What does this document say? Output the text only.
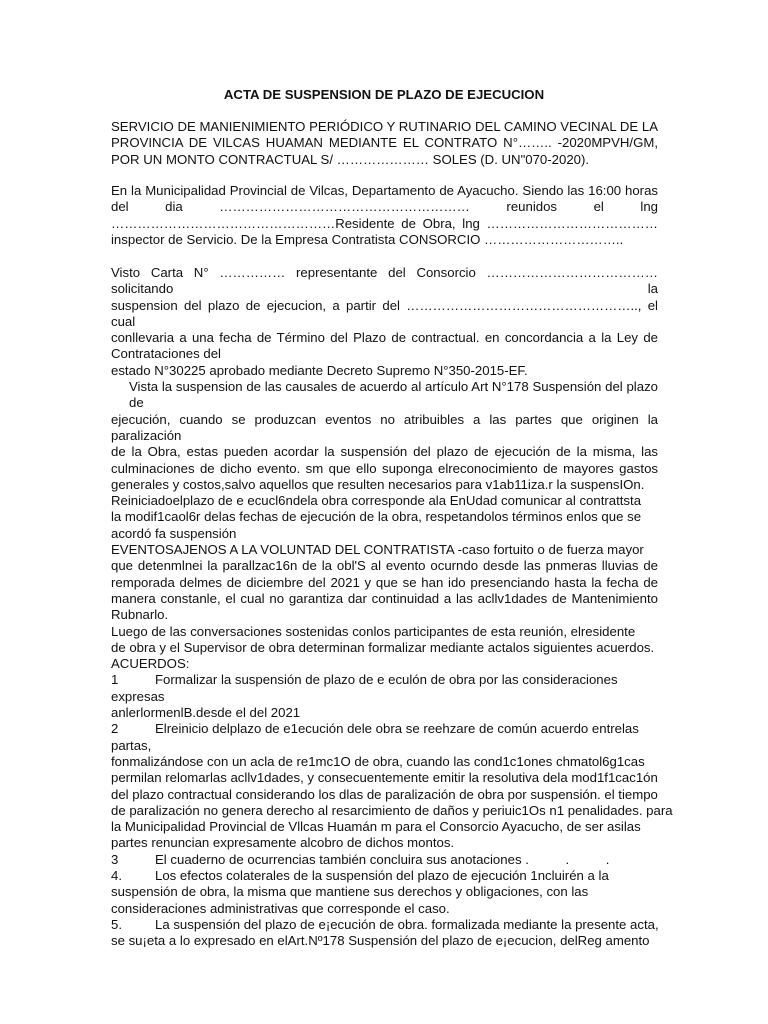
ACTA DE SUSPENSION DE PLAZO DE EJECUCION

SERVICIO DE MANIENIMIENTO PERIÓDICO Y RUTINARIO DEL CAMINO VECINAL DE LA PROVINCIA DE VILCAS HUAMAN MEDIANTE EL CONTRATO N°…….. -2020MPVH/GM, POR UN MONTO CONTRACTUAL S/ ………………… SOLES (D. UN"070-2020).

En la Municipalidad Provincial de Vilcas, Departamento de Ayacucho. Siendo las 16:00 horas del dia ………………………………………………… reunidos el lng ……………………………………………Residente de Obra, lng ………………………………… inspector de Servicio. De la Empresa Contratista CONSORCIO …………………………..

Visto Carta N° …………… representante del Consorcio …………………………………solicitando la
suspension del plazo de ejecucion, a partir del …………………………………………….., el cual
conllevaria a una fecha de Término del Plazo de contractual. en concordancia a la Ley de
Contrataciones del
estado N°30225 aprobado mediante Decreto Supremo N°350-2015-EF.
Vista la suspension de las causales de acuerdo al artículo Art N°178 Suspensión del plazo de
ejecución, cuando se produzcan eventos no atribuibles a las partes que originen la paralización
de la Obra, estas pueden acordar la suspensión del plazo de ejecución de la misma, las
culminaciones de dicho evento. sm que ello suponga elreconocimiento de mayores gastos
generales y costos,salvo aquellos que resulten necesarios para v1ab11iza.r la suspensIOn.
Reiniciadoelplazo de e ecucl6ndela obra corresponde ala EnUdad comunicar al contrattsta
la modif1caol6r delas fechas de ejecución de la obra, respetandolos términos enlos que se
acordó fa suspensión
EVENTOSAJENOS A LA VOLUNTAD DEL CONTRATISTA -caso fortuito o de fuerza mayor
que detenmlnei la parallzac16n de la obl'S al evento ocurndo desde las pnmeras lluvias de
remporada delmes de diciembre del 2021 y que se han ido presenciando hasta la fecha de
manera constanle, el cual no garantiza dar continuidad a las acllv1dades de Mantenimiento
Rubnarlo.
Luego de las conversaciones sostenidas conlos participantes de esta reunión, elresidente
de obra y el Supervisor de obra determinan formalizar mediante actalos siguientes acuerdos.
ACUERDOS:
1	Formalizar la suspensión de plazo de e eculón de obra por las consideraciones
expresas
anlerlormenlB.desde el del 2021
2	Elreinicio delplazo de e1ecución dele obra se reehzare de común acuerdo entrelas
partas,
fonmalizándose con un acla de re1mc1O de obra, cuando las cond1c1ones chmatol6g1cas
permilan relomarlas acllv1dades, y consecuentemente emitir la resolutiva dela mod1f1cac1ón
del plazo contractual considerando los dlas de paralización de obra por suspensión. el tiempo
de paralización no genera derecho al resarcimiento de daños y periuic1Os n1 penalidades. para
la Municipalidad Provincial de Vllcas Huamán m para el Consorcio Ayacucho, de ser asilas
partes renuncian expresamente alcobro de dichos montos.
3	El cuaderno de ocurrencias también concluira sus anotaciones .          .          .
4.	Los efectos colaterales de la suspensión del plazo de ejecución 1ncluirén a la
suspensión de obra, la misma que mantiene sus derechos y obligaciones, con las
consideraciones administrativas que corresponde el caso.
5.	La suspensión del plazo de e¡ecución de obra. formalizada mediante la presente acta,
se su¡eta a lo expresado en elArt.Nº178 Suspensión del plazo de e¡ecucion, delReg amento
